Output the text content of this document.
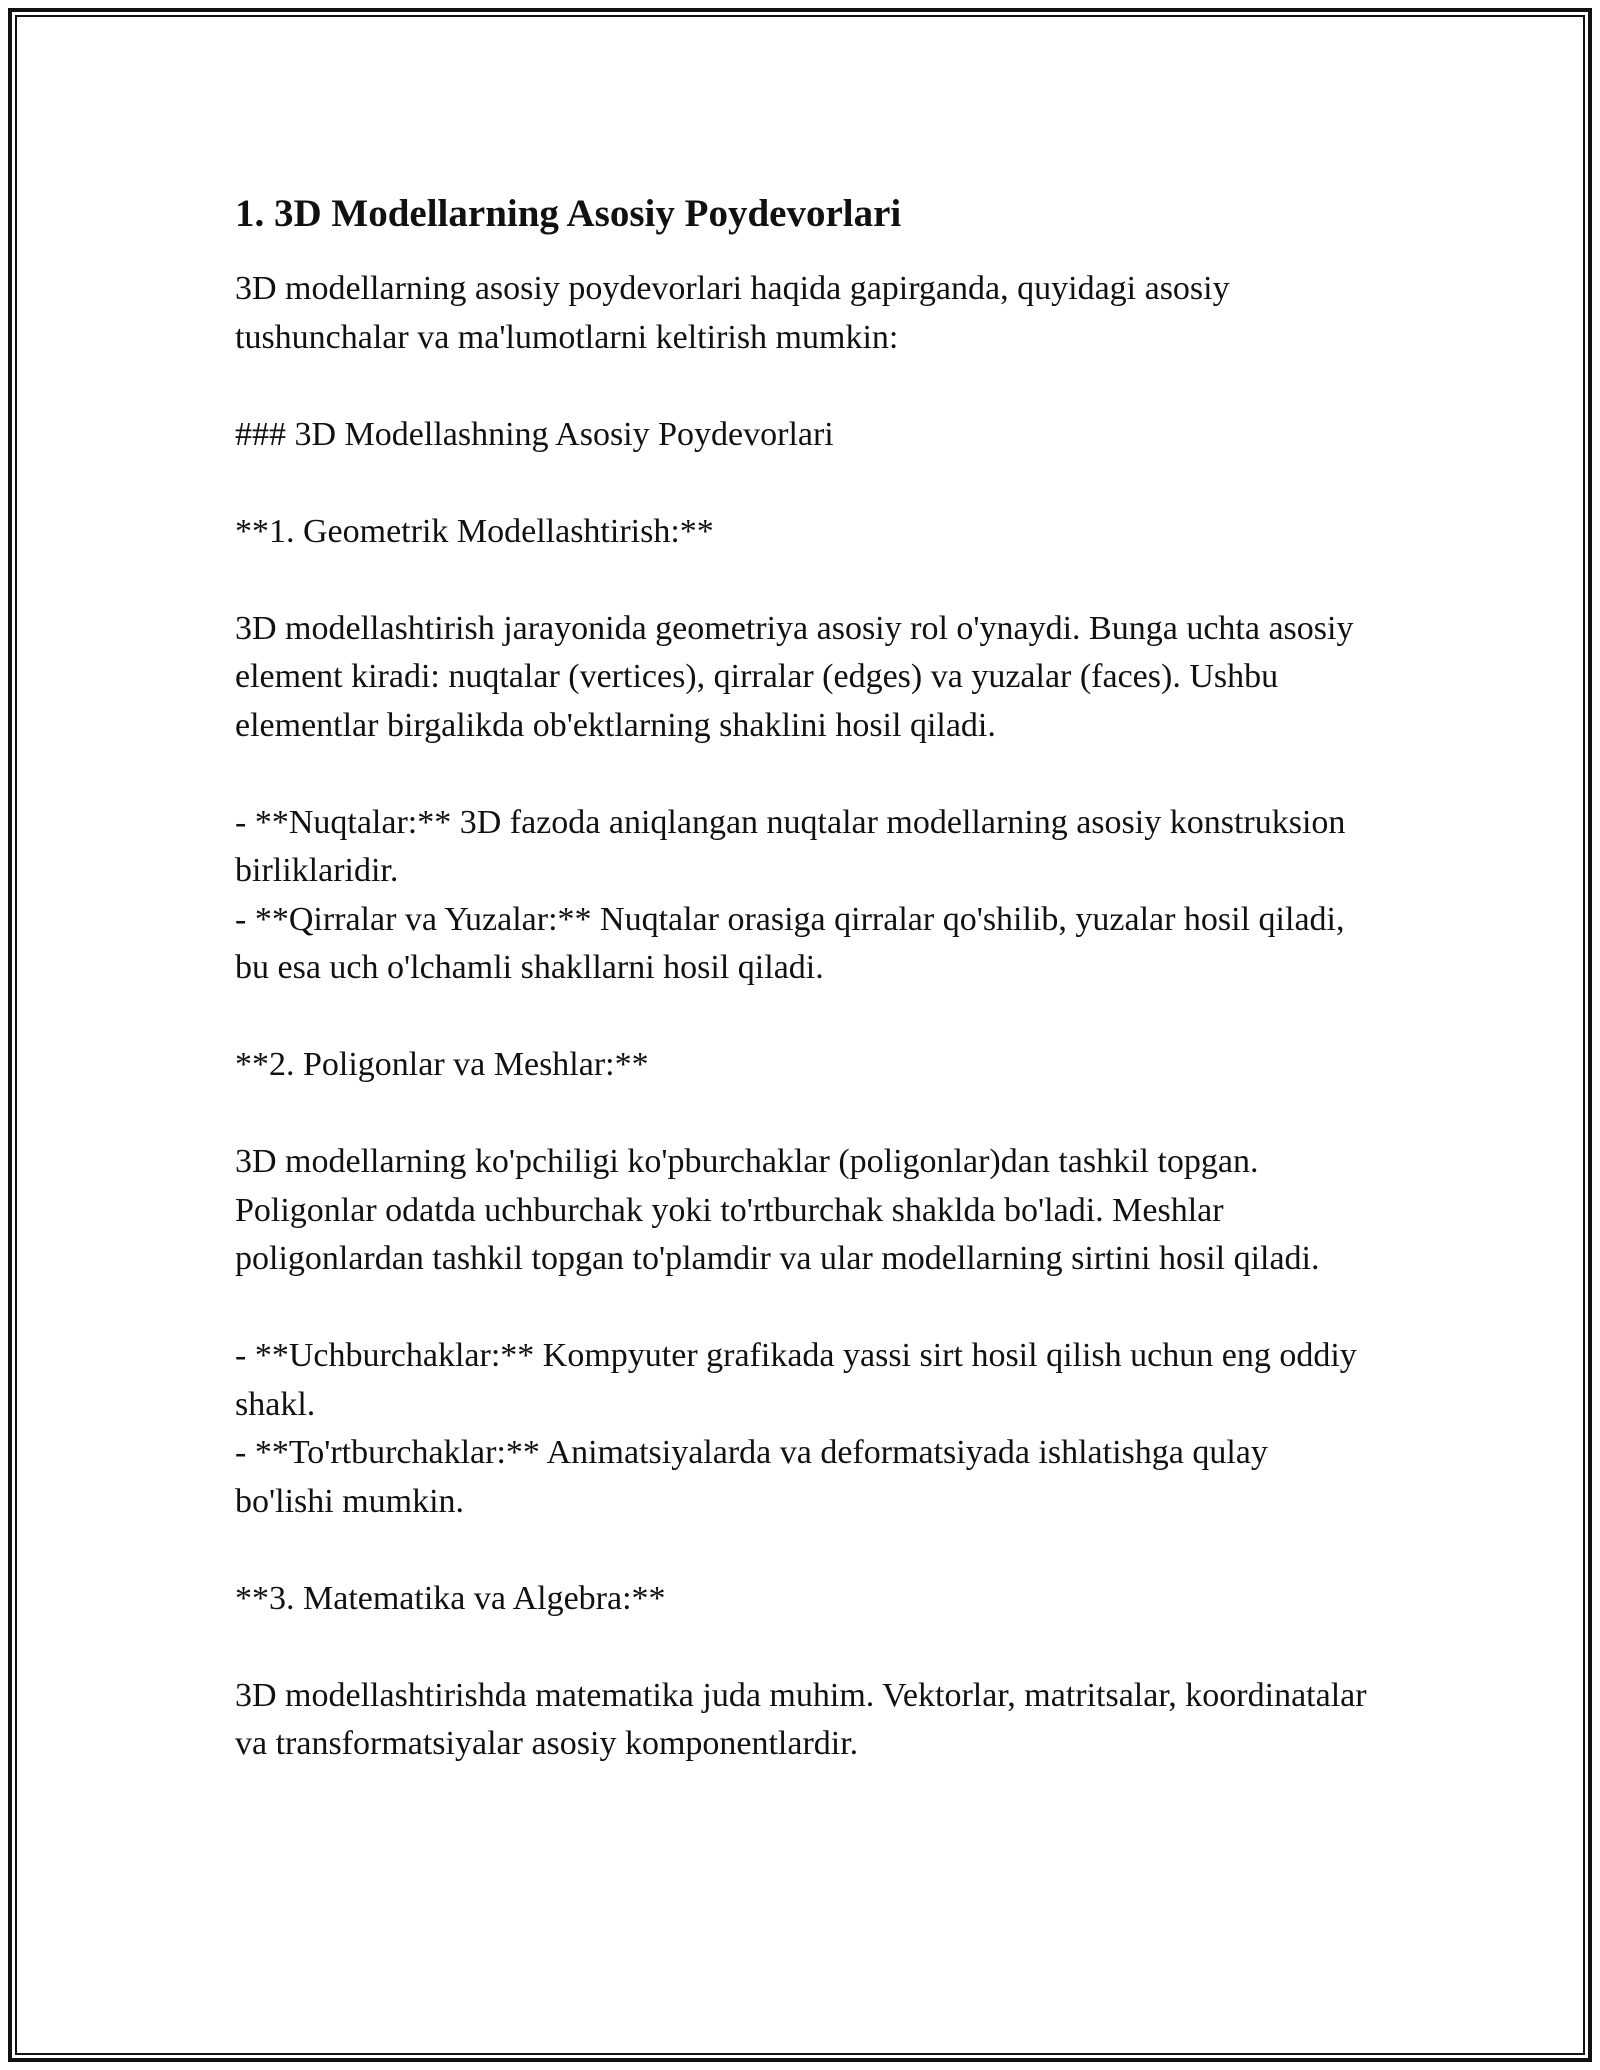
1. 3D Modellarning Asosiy Poydevorlari

3D modellarning asosiy poydevorlari haqida gapirganda, quyidagi asosiy tushunchalar va ma'lumotlarni keltirish mumkin:

### 3D Modellashning Asosiy Poydevorlari

**1. Geometrik Modellashtirish:**

3D modellashtirish jarayonida geometriya asosiy rol o'ynaydi. Bunga uchta asosiy element kiradi: nuqtalar (vertices), qirralar (edges) va yuzalar (faces). Ushbu elementlar birgalikda ob'ektlarning shaklini hosil qiladi.

- **Nuqtalar:** 3D fazoda aniqlangan nuqtalar modellarning asosiy konstruksion birliklaridir.

- **Qirralar va Yuzalar:** Nuqtalar orasiga qirralar qo'shilib, yuzalar hosil qiladi, bu esa uch o'lchamli shakllarni hosil qiladi.

**2. Poligonlar va Meshlar:**

3D modellarning ko'pchiligi ko'pburchaklar (poligonlar)dan tashkil topgan. Poligonlar odatda uchburchak yoki to'rtburchak shaklda bo'ladi. Meshlar poligonlardan tashkil topgan to'plamdir va ular modellarning sirtini hosil qiladi.

- **Uchburchaklar:** Kompyuter grafikada yassi sirt hosil qilish uchun eng oddiy shakl.

- **To'rtburchaklar:** Animatsiyalarda va deformatsiyada ishlatishga qulay bo'lishi mumkin.

**3. Matematika va Algebra:**

3D modellashtirishda matematika juda muhim. Vektorlar, matritsalar, koordinatalar va transformatsiyalar asosiy komponentlardir.
